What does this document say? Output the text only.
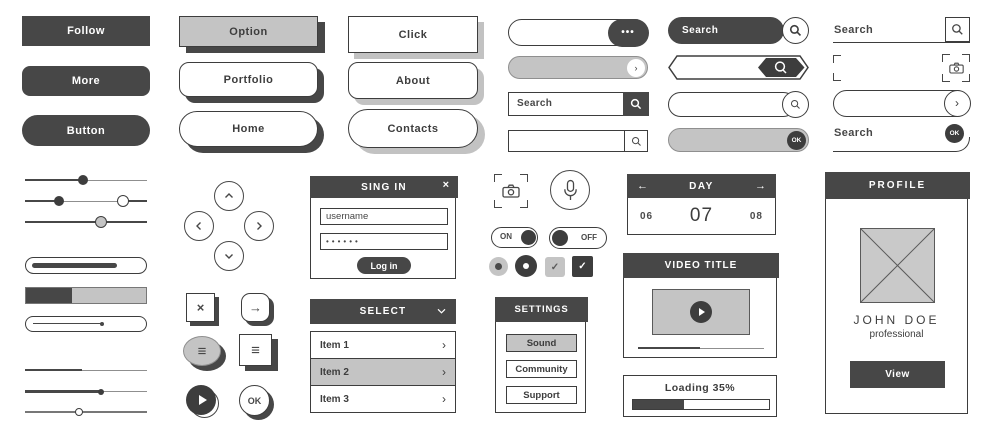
Follow
More
Button
Option
Portfolio
Home
Click
About
Contacts
•••
›
Search
Search
OK
Search
›
Search	OK
×	→
≡	≡
OK
SING IN	×
username
••••••
Log in
SELECT
Item 1	›
Item 2	›
Item 3	›
ON	OFF
✓ ✓
SETTINGS
Sound
Community
Support
←	DAY	→
06	07	08
VIDEO TITLE
Loading 35%
PROFILE
JOHN DOE
professional
View
